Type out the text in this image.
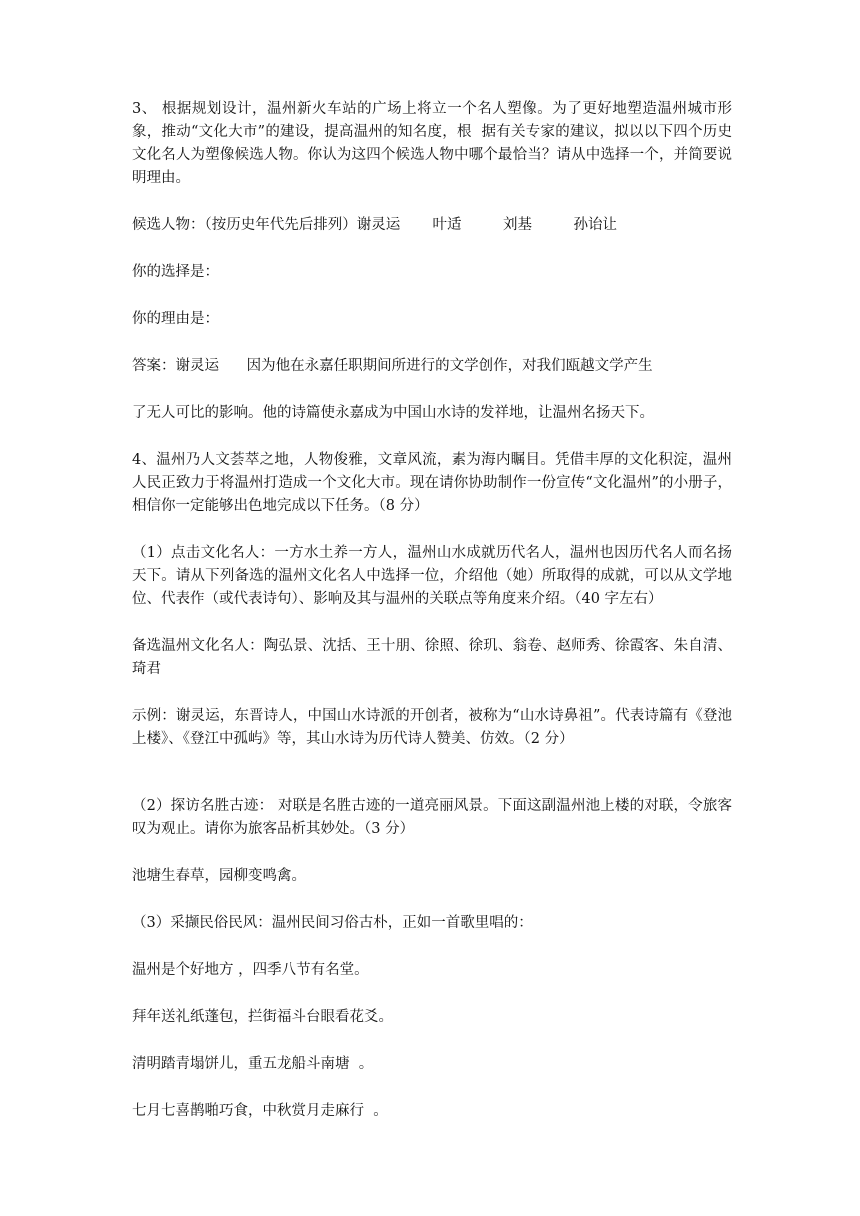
3、 根据规划设计，温州新火车站的广场上将立一个名人塑像。为了更好地塑造温州城市形象，推动“文化大市”的建设，提高温州的知名度，根  据有关专家的建议，拟以以下四个历史文化名人为塑像候选人物。你认为这四个候选人物中哪个最恰当？请从中选择一个，并简要说明理由。

候选人物：（按历史年代先后排列）谢灵运       叶适         刘基         孙诒让

你的选择是：

你的理由是：

答案：谢灵运      因为他在永嘉任职期间所进行的文学创作，对我们瓯越文学产生

了无人可比的影响。他的诗篇使永嘉成为中国山水诗的发祥地，让温州名扬天下。

4、温州乃人文荟萃之地，人物俊雅，文章风流，素为海内瞩目。凭借丰厚的文化积淀，温州人民正致力于将温州打造成一个文化大市。现在请你协助制作一份宣传“文化温州”的小册子，相信你一定能够出色地完成以下任务。（8 分）

（1）点击文化名人：一方水土养一方人，温州山水成就历代名人，温州也因历代名人而名扬天下。请从下列备选的温州文化名人中选择一位，介绍他（她）所取得的成就，可以从文学地位、代表作（或代表诗句）、影响及其与温州的关联点等角度来介绍。（40 字左右）

备选温州文化名人：陶弘景、沈括、王十朋、徐照、徐玑、翁卷、赵师秀、徐霞客、朱自清、琦君

示例：谢灵运，东晋诗人，中国山水诗派的开创者，被称为“山水诗鼻祖”。代表诗篇有《登池上楼》、《登江中孤屿》等，其山水诗为历代诗人赞美、仿效。（2 分）

（2）探访名胜古迹： 对联是名胜古迹的一道亮丽风景。下面这副温州池上楼的对联，令旅客叹为观止。请你为旅客品析其妙处。（3 分）

池塘生春草，园柳变鸣禽。

（3）采撷民俗民风：温州民间习俗古朴，正如一首歌里唱的：

温州是个好地方 ，四季八节有名堂。

拜年送礼纸蓬包，拦街福斗台眼看花爻。

清明踏青塌饼儿，重五龙船斗南塘  。

七月七喜鹊啪巧食，中秋赏月走麻行  。
